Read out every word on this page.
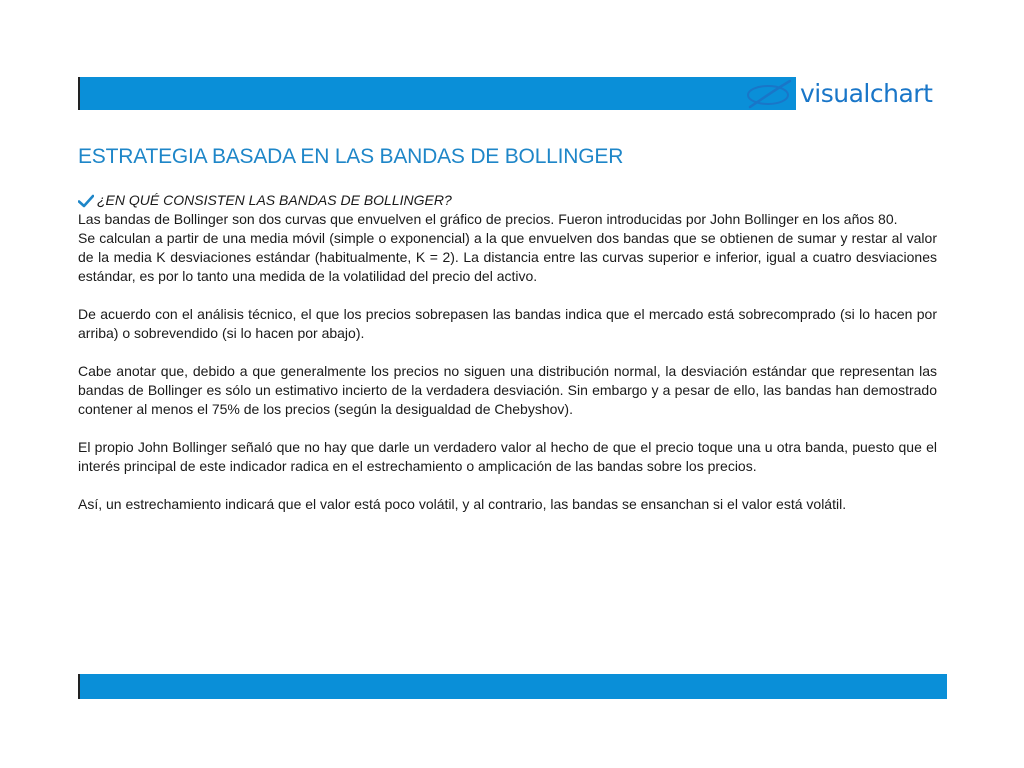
visualchart
ESTRATEGIA BASADA EN LAS BANDAS DE BOLLINGER
¿EN QUÉ CONSISTEN LAS BANDAS DE BOLLINGER?

Las bandas de Bollinger son dos curvas que envuelven el gráfico de precios. Fueron introducidas por John Bollinger en los años 80.

Se calculan a partir de una media móvil (simple o exponencial) a la que envuelven dos bandas que se obtienen de sumar y restar al valor de la media K desviaciones estándar (habitualmente, K = 2). La distancia entre las curvas superior e inferior, igual a cuatro desviaciones estándar, es por lo tanto una medida de la volatilidad del precio del activo.

De acuerdo con el análisis técnico, el que los precios sobrepasen las bandas indica que el mercado está sobrecomprado (si lo hacen por arriba) o sobrevendido (si lo hacen por abajo).

Cabe anotar que, debido a que generalmente los precios no siguen una distribución normal, la desviación estándar que representan las bandas de Bollinger es sólo un estimativo incierto de la verdadera desviación. Sin embargo y a pesar de ello, las bandas han demostrado contener al menos el 75% de los precios (según la desigualdad de Chebyshov).

El propio John Bollinger señaló que no hay que darle un verdadero valor al hecho de que el precio toque una u otra banda, puesto que el interés principal de este indicador radica en el estrechamiento o amplicación de las bandas sobre los precios.

Así, un estrechamiento indicará que el valor está poco volátil, y al contrario, las bandas se ensanchan si el valor está volátil.
